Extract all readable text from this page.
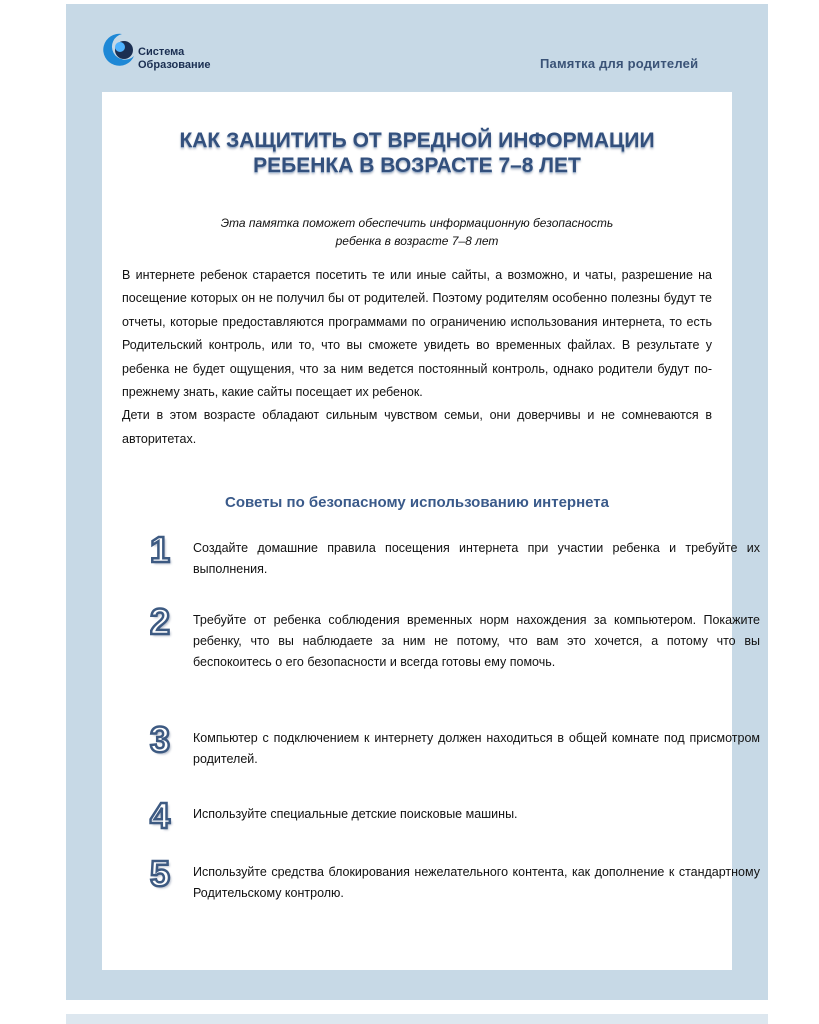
Система
Образование	Памятка для родителей
КАК ЗАЩИТИТЬ ОТ ВРЕДНОЙ ИНФОРМАЦИИ
РЕБЕНКА В ВОЗРАСТЕ 7–8 ЛЕТ
Эта памятка поможет обеспечить информационную безопасность
ребенка в возрасте 7–8 лет

В интернете ребенок старается посетить те или иные сайты, а возможно, и чаты, разрешение на посещение которых он не получил бы от родителей. Поэтому родителям особенно полезны будут те отчеты, которые предоставляются программами по ограничению использования интернета, то есть Родительский контроль, или то, что вы сможете увидеть во временных файлах. В результате у ребенка не будет ощущения, что за ним ведется постоянный контроль, однако родители будут по-прежнему знать, какие сайты посещает их ребенок.

Дети в этом возрасте обладают сильным чувством семьи, они доверчивы и не сомневаются в авторитетах.

Советы по безопасному использованию интернета
1	Создайте домашние правила посещения интернета при участии ребенка и требуйте их выполнения.
2	Требуйте от ребенка соблюдения временных норм нахождения за компьютером. Покажите ребенку, что вы наблюдаете за ним не потому, что вам это хочется, а потому что вы беспокоитесь о его безопасности и всегда готовы ему помочь.
3	Компьютер с подключением к интернету должен находиться в общей комнате под присмотром родителей.
4	Используйте специальные детские поисковые машины.
5	Используйте средства блокирования нежелательного контента, как дополнение к стандартному Родительскому контролю.
